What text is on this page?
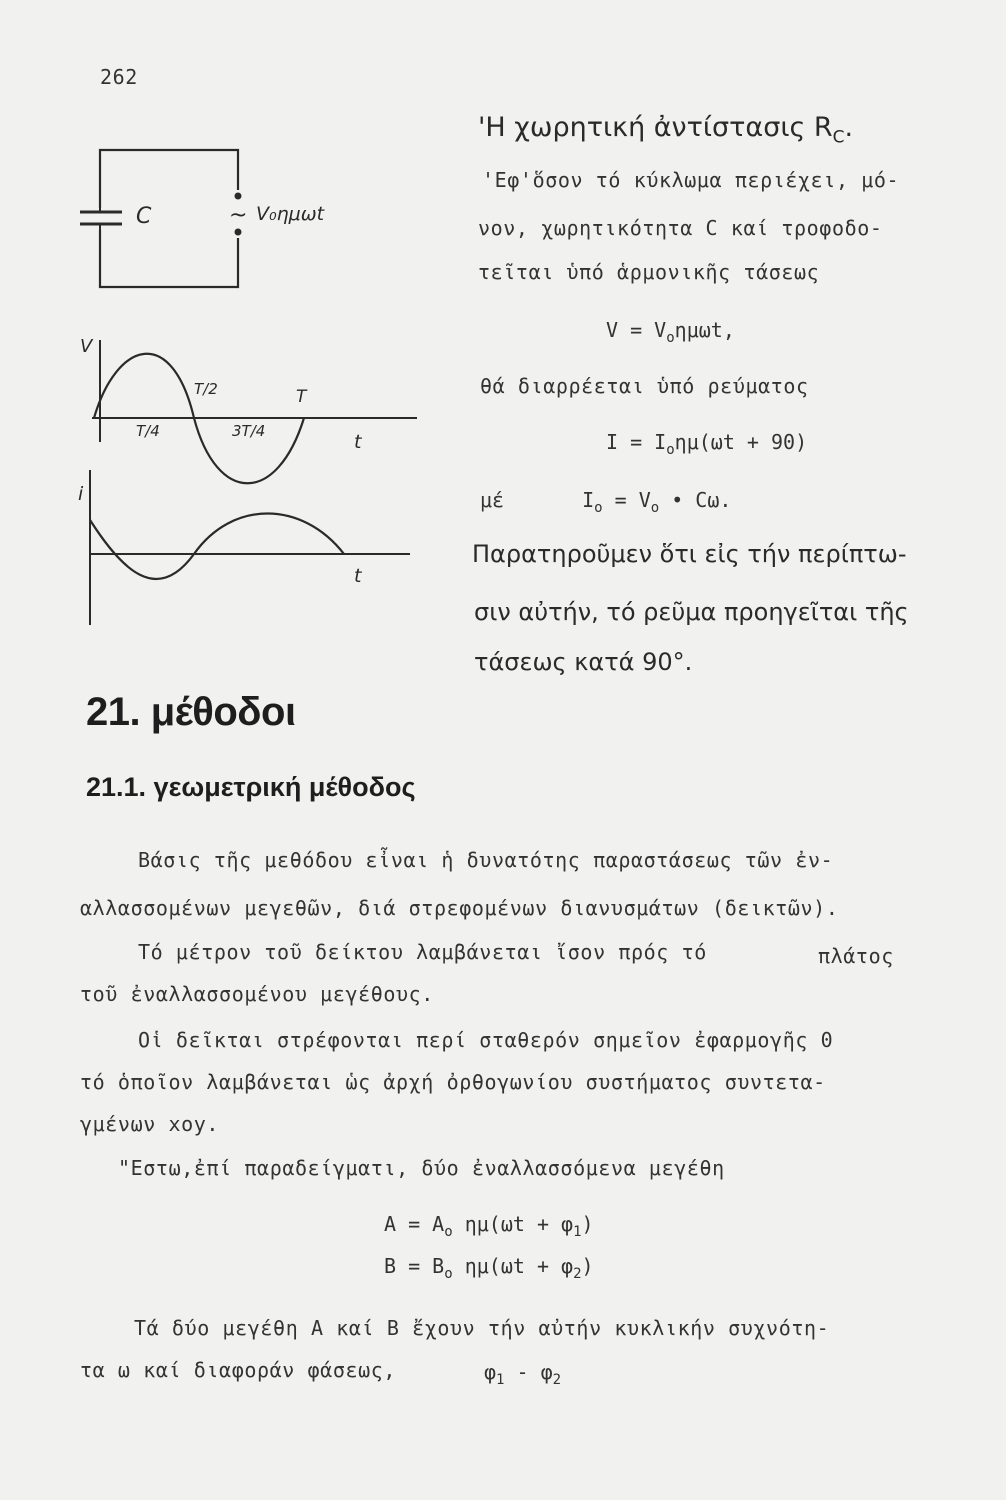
262
C	~ V₀ημωt
V
T/2	T
T/4	3T/4	t
i
t
'Η χωρητική ἀντίστασις $R_C$.
'Εφ'ὅσον τό κύκλωμα περιέχει, μό-
νον, χωρητικότητα C καί τροφοδο-
τεῖται ὑπό ἁρμονικῆς τάσεως
$V = V_o\eta\mu\omega t$,
θά διαρρέεται ὑπό ρεύματος
$I = I_o\eta\mu(\omega t + 90)$
μέ	$I_o = V_o$ • Cω.
Παρατηροῦμεν ὅτι εἰς τήν περίπτω-
σιν αὐτήν, τό ρεῦμα προηγεῖται τῆς
τάσεως κατά 90°.
21. μέθοδοι
21.1. γεωμετρική μέθοδος
Βάσις τῆς μεθόδου εἶναι ἡ δυνατότης παραστάσεως τῶν ἐν-
αλλασσομένων μεγεθῶν, διά στρεφομένων διανυσμάτων (δεικτῶν).
Τό μέτρον τοῦ δείκτου λαμβάνεται ἴσον πρός τό	πλάτος
τοῦ ἐναλλασσομένου μεγέθους.
Οἱ δεῖκται στρέφονται περί σταθερόν σημεῖον ἐφαρμογῆς 0
τό ὁποῖον λαμβάνεται ὡς ἀρχή ὀρθογωνίου συστήματος συντετα-
γμένων xoy.
"Εστω,ἐπί παραδείγματι, δύο ἐναλλασσόμενα μεγέθη
$A = A_o$ $\eta\mu(\omega t + \varphi_1)$
$B = B_o$ $\eta\mu(\omega t + \varphi_2)$
Τά δύο μεγέθη A καί B ἔχουν τήν αὐτήν κυκλικήν συχνότη-
τα ω καί διαφοράν φάσεως,	$\varphi_1 - \varphi_2$
